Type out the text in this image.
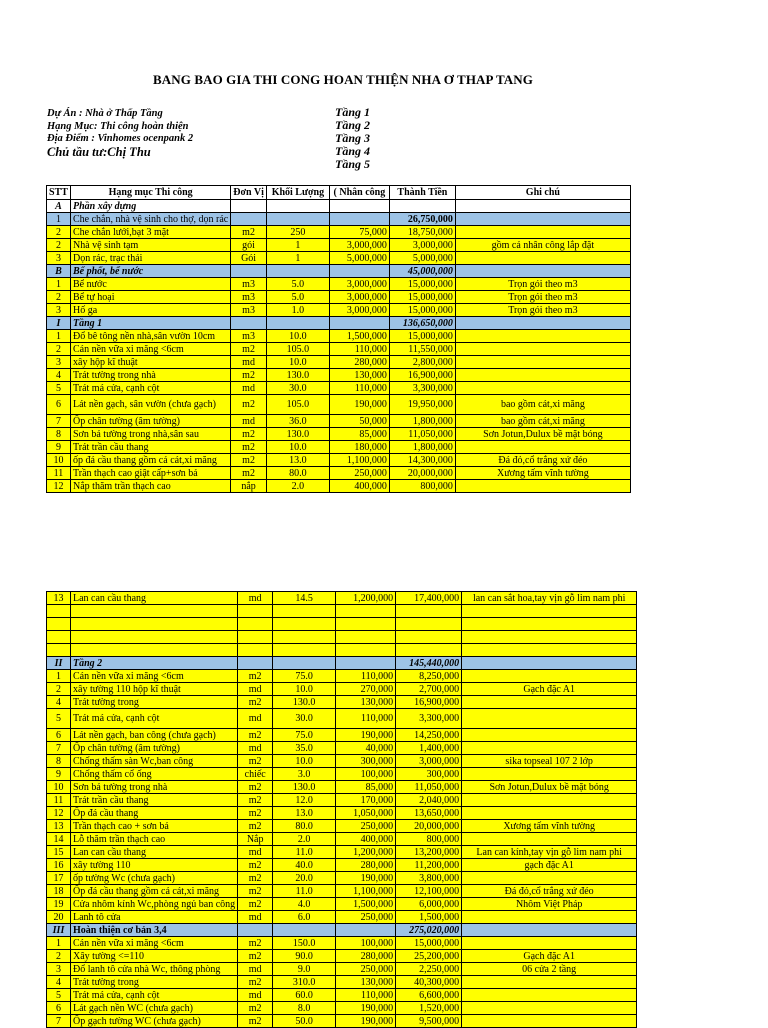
BANG BAO GIA THI CONG HOAN THIỆN NHA Ơ THAP TANG
Dự Án : Nhà ở Thấp Tầng
Hạng Mục: Thi công hoàn thiện
Địa Điểm : Vinhomes ocenpank 2
Chủ tầu tư:Chị Thu
Tầng 1
Tầng 2
Tầng 3
Tầng 4
Tầng 5
STT	Hạng mục Thi công	Đơn Vị	Khối Lượng	( Nhân công	Thành Tiền	Ghi chú
A	Phần xây dựng					
1	Che chắn, nhà vệ sinh cho thợ, dọn rác				26,750,000	
2	Che chắn lưới,bạt 3 mặt	m2	250	75,000	18,750,000	
2	Nhà vệ sinh tạm	gói	1	3,000,000	3,000,000	gồm cả nhân công lắp đặt
3	Dọn rác, trạc thải	Gói	1	5,000,000	5,000,000	
B	Bể phốt, bể nước				45,000,000	
1	Bể nước	m3	5.0	3,000,000	15,000,000	Trọn gói theo m3
2	Bể tự hoại	m3	5.0	3,000,000	15,000,000	Trọn gói theo m3
3	Hố ga	m3	1.0	3,000,000	15,000,000	Trọn gói theo m3
I	Tầng 1				136,650,000	
1	Đổ bê tông nền nhà,sân vườn 10cm	m3	10.0	1,500,000	15,000,000	
2	Cán nền vữa xi măng <6cm	m2	105.0	110,000	11,550,000	
3	xây hộp kĩ thuật	md	10.0	280,000	2,800,000	
4	Trát tường trong nhà	m2	130.0	130,000	16,900,000	
5	Trát má cửa, cạnh cột	md	30.0	110,000	3,300,000	
6	Lát nền gạch, sân vườn (chưa gạch)	m2	105.0	190,000	19,950,000	bao gồm cát,xi măng
7	Ốp chân tường (âm tường)	md	36.0	50,000	1,800,000	bao gồm cát,xi măng
8	Sơn bả tường trong nhà,sân sau	m2	130.0	85,000	11,050,000	Sơn Jotun,Dulux bề mặt bóng
9	Trát trần cầu thang	m2	10.0	180,000	1,800,000	
10	ốp đá cầu thang gồm cả cát,xi măng	m2	13.0	1,100,000	14,300,000	Đá đỏ,cổ trắng xứ đéo
11	Trần thạch cao giật cấp+sơn bả	m2	80.0	250,000	20,000,000	Xương tấm vĩnh tường
12	Nắp thăm trần thạch cao	nắp	2.0	400,000	800,000	
13	Lan can cầu thang	md	14.5	1,200,000	17,400,000	lan can sắt hoa,tay vịn gỗ lim nam phi

II	Tầng 2				145,440,000	
1	Cán nền vữa xi măng <6cm	m2	75.0	110,000	8,250,000	
2	xây tường 110 hộp kĩ thuật	md	10.0	270,000	2,700,000	Gạch đặc A1
4	Trát tường trong	m2	130.0	130,000	16,900,000	
5	Trát má cửa, cạnh cột	md	30.0	110,000	3,300,000	
6	Lát nền gạch, ban công (chưa gạch)	m2	75.0	190,000	14,250,000	
7	Ốp chân tường (âm tường)	md	35.0	40,000	1,400,000	
8	Chống thấm sàn Wc,ban công	m2	10.0	300,000	3,000,000	sika topseal 107 2 lớp
9	Chống thấm cổ ống	chiếc	3.0	100,000	300,000	
10	Sơn bả tường trong nhà	m2	130.0	85,000	11,050,000	Sơn Jotun,Dulux bề mặt bóng
11	Trát trần cầu thang	m2	12.0	170,000	2,040,000	
12	Ốp đá cầu thang	m2	13.0	1,050,000	13,650,000	
13	Trần thạch cao + sơn bả	m2	80.0	250,000	20,000,000	Xương tấm vĩnh tường
14	Lỗ thăm trần thạch cao	Nắp	2.0	400,000	800,000	
15	Lan can cầu thang	md	11.0	1,200,000	13,200,000	Lan can kính,tay vịn gỗ lim nam phi
16	xây tường 110	m2	40.0	280,000	11,200,000	gạch đặc A1
17	ốp tường Wc (chưa gạch)	m2	20.0	190,000	3,800,000	
18	Ốp đá cầu thang gồm cả cát,xi măng	m2	11.0	1,100,000	12,100,000	Đá đỏ,cổ trắng xứ đéo
19	Cửa nhôm kính Wc,phòng ngủ ban công	m2	4.0	1,500,000	6,000,000	Nhôm Việt Pháp
20	Lanh tô cửa	md	6.0	250,000	1,500,000	
III	Hoàn thiện cơ bản 3,4				275,020,000	
1	Cán nền vữa xi măng <6cm	m2	150.0	100,000	15,000,000	
2	Xây tường <=110	m2	90.0	280,000	25,200,000	Gạch đặc A1
3	Đổ lanh tô cửa nhà Wc, thông phòng	md	9.0	250,000	2,250,000	06 cửa 2 tầng
4	Trát tường trong	m2	310.0	130,000	40,300,000	
5	Trát má cửa, cạnh cột	md	60.0	110,000	6,600,000	
6	Lát gạch nền WC (chưa gạch)	m2	8.0	190,000	1,520,000	
7	Ốp gạch tường WC (chưa gạch)	m2	50.0	190,000	9,500,000	
